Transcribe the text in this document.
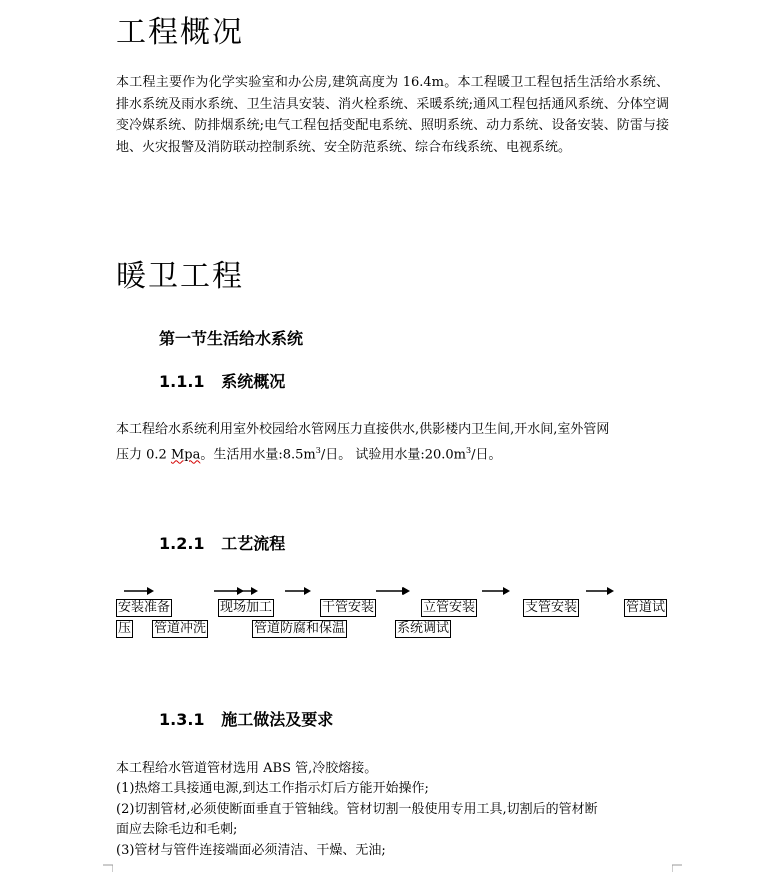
工程概况
本工程主要作为化学实验室和办公房,建筑高度为 16.4m。本工程暖卫工程包括生活给水系统、排水系统及雨水系统、卫生洁具安装、消火栓系统、采暖系统;通风工程包括通风系统、分体空调变冷媒系统、防排烟系统;电气工程包括变配电系统、照明系统、动力系统、设备安装、防雷与接地、火灾报警及消防联动控制系统、安全防范系统、综合布线系统、电视系统。
暖卫工程
第一节生活给水系统
1.1.1 系统概况
本工程给水系统利用室外校园给水管网压力直接供水,供影楼内卫生间,开水间,室外管网
压力 0.2 Mpa。生活用水量$:8.5m^3/$日。 试验用水量$:20.0m^3/$日。
1.2.1 工艺流程
安装准备	现场加工	干管安装	立管安装	支管安装	管道试
压 管道冲洗	管道防腐和保温	系统调试
1.3.1 施工做法及要求
本工程给水管道管材选用 ABS 管,冷胶熔接。
(1)热熔工具接通电源,到达工作指示灯后方能开始操作;
(2)切割管材,必须使断面垂直于管轴线。管材切割一般使用专用工具,切割后的管材断
面应去除毛边和毛刺;
(3)管材与管件连接端面必须清洁、干燥、无油;
